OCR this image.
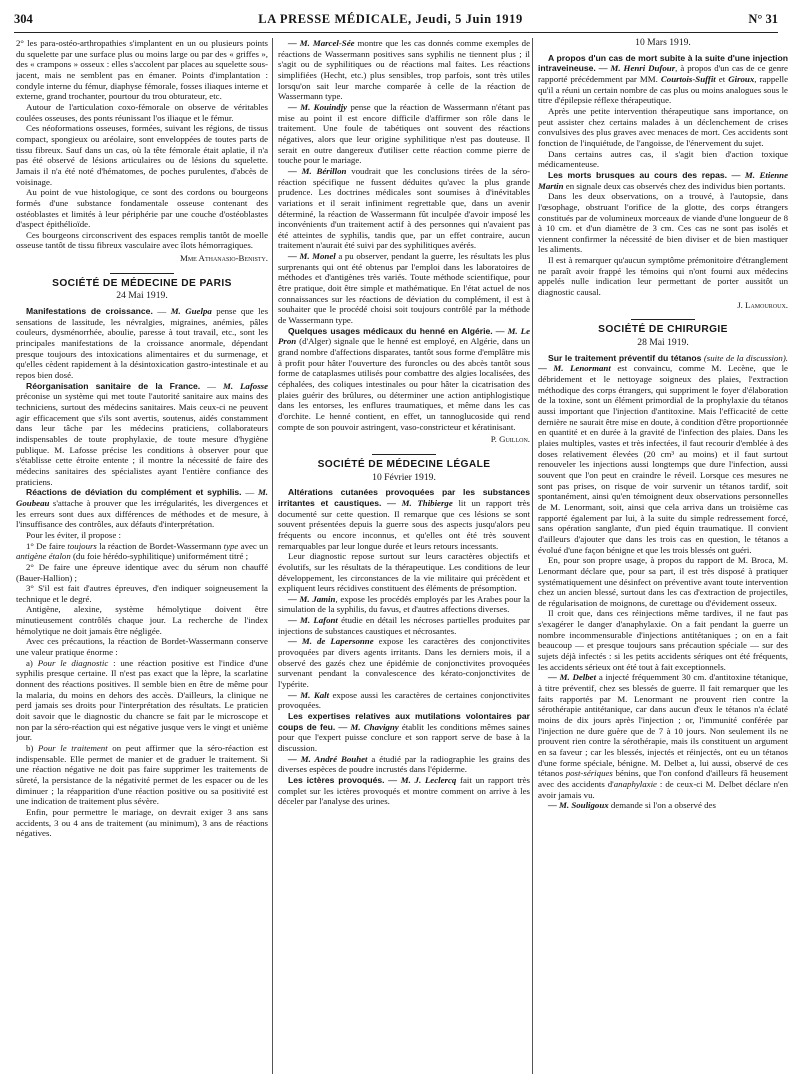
304	LA PRESSE MÉDICALE, Jeudi, 5 Juin 1919	N° 31

2° les para-ostéo-arthropathies s'implantent en un ou plusieurs points du squelette par une surface plus ou moins large ou par des « griffes », des « crampons » osseux : elles s'accolent par places au squelette sous-jacent, mais ne semblent pas en émaner. Points d'implantation : condyle interne du fémur, diaphyse fémorale, fosses iliaques interne et externe, grand trochanter, pourtour du trou obturateur, etc.

Autour de l'articulation coxo-fémorale on observe de véritables coulées osseuses, des ponts réunissant l'os iliaque et le fémur.

Ces néoformations osseuses, formées, suivant les régions, de tissus compact, spongieux ou aréolaire, sont enveloppées de toutes parts de tissu fibreux. Sauf dans un cas, où la tête fémorale était aplatie, il n'a pas été observé de lésions articulaires ou de lésions du squelette. Jamais il n'a été noté d'hématomes, de poches purulentes, d'abcès de voisinage.

Au point de vue histologique, ce sont des cordons ou bourgeons formés d'une substance fondamentale osseuse contenant des ostéoblastes et limités à leur périphérie par une couche d'ostéoblastes d'aspect épithélioïde.

Ces bourgeons circonscrivent des espaces remplis tantôt de moelle osseuse tantôt de tissu fibreux vasculaire avec îlots hémorragiques.

Mme Athanasio-Benisty.
SOCIÉTÉ DE MÉDECINE DE PARIS
24 Mai 1919.

Manifestations de croissance. — M. Guelpa pense que les sensations de lassitude, les névralgies, migraines, anémies, pâles couleurs, dysménorrhée, aboulie, paresse à tout travail, etc., sont les principales manifestations de la croissance anormale, dépendant presque toujours des intoxications alimentaires et du surmenage, et qu'elles cèdent rapidement à la désintoxication gastro-intestinale et au repos bien dosé.

Réorganisation sanitaire de la France. — M. Lafosse préconise un système qui met toute l'autorité sanitaire aux mains des techniciens, surtout des médecins sanitaires. Mais ceux-ci ne peuvent agir efficacement que s'ils sont avertis, soutenus, aidés constamment dans leur tâche par les médecins praticiens, collaborateurs indispensables de toute prophylaxie, de toute mesure d'hygiène publique. M. Lafosse précise les conditions à observer pour que s'établisse cette étroite entente ; il montre la nécessité de faire des médecins sanitaires des spécialistes ayant l'entière confiance des praticiens.

Réactions de déviation du complément et syphilis. — M. Goubeau s'attache à prouver que les irrégularités, les divergences et les erreurs sont dues aux différences de méthodes et de mesure, à l'insuffisance des contrôles, aux défauts d'interprétation.

Pour les éviter, il propose :

1° De faire toujours la réaction de Bordet-Wassermann type avec un antigène étalon (du foie hérédo-syphilitique) uniformément titré ;

2° De faire une épreuve identique avec du sérum non chauffé (Bauer-Hallion) ;

3° S'il est fait d'autres épreuves, d'en indiquer soigneusement la technique et le degré.

Antigène, alexine, système hémolytique doivent être minutieusement contrôlés chaque jour. La recherche de l'index hémolytique ne doit jamais être négligée.

Avec ces précautions, la réaction de Bordet-Wassermann conserve une valeur pratique énorme :

a) Pour le diagnostic : une réaction positive est l'indice d'une syphilis presque certaine. Il n'est pas exact que la lèpre, la scarlatine donnent des réactions positives. Il semble bien en être de même pour la malaria, du moins en dehors des accès. D'ailleurs, la clinique ne perd jamais ses droits pour l'interprétation des résultats. Le praticien doit savoir que le diagnostic du chancre se fait par le microscope et non par la séro-réaction qui est négative jusque vers le vingt et unième jour.

b) Pour le traitement on peut affirmer que la séro-réaction est indispensable. Elle permet de manier et de graduer le traitement. Si une réaction négative ne doit pas faire supprimer les traitements de sûreté, la persistance de la négativité permet de les espacer ou de les diminuer ; la réapparition d'une réaction positive ou sa positivité est une indication de traitement plus sévère.

Enfin, pour permettre le mariage, on devrait exiger 3 ans sans accidents, 3 ou 4 ans de traitement (au minimum), 3 ans de réactions négatives.

— M. Marcel-Sée montre que les cas donnés comme exemples de réactions de Wassermann positives sans syphilis ne tiennent plus ; il s'agit ou de syphilitiques ou de réactions mal faites. Les réactions simplifiées (Hecht, etc.) plus sensibles, trop parfois, sont très utiles lorsqu'on sait leur marche comparée à celle de la réaction de Wassermann type.

— M. Kouindjy pense que la réaction de Wassermann n'étant pas mise au point il est encore difficile d'affirmer son rôle dans le traitement. Une foule de tabétiques ont souvent des réactions négatives, alors que leur origine syphilitique n'est pas douteuse. Il serait en outre dangereux d'utiliser cette réaction comme pierre de touche pour le mariage.

— M. Bérillon voudrait que les conclusions tirées de la séro-réaction spécifique ne fussent déduites qu'avec la plus grande prudence. Les doctrines médicales sont soumises à d'inévitables variations et il serait infiniment regrettable que, dans un avenir déterminé, la réaction de Wassermann fût inculpée d'avoir imposé les inconvénients d'un traitement actif à des personnes qui n'avaient pas été atteintes de syphilis, tandis que, par un effet contraire, aucun traitement n'aurait été suivi par des syphilitiques avérés.

— M. Monel a pu observer, pendant la guerre, les résultats les plus surprenants qui ont été obtenus par l'emploi dans les laboratoires de méthodes et d'antigènes très variés. Toute méthode scientifique, pour être pratique, doit être simple et mathématique. En l'état actuel de nos connaissances sur les réactions de déviation du complément, il est à souhaiter que le procédé choisi soit toujours contrôlé par la méthode de Wassermann type.

Quelques usages médicaux du henné en Algérie. — M. Le Pron (d'Alger) signale que le henné est employé, en Algérie, dans un grand nombre d'affections disparates, tantôt sous forme d'emplâtre mis à profit pour hâter l'ouverture des furoncles ou des abcès tantôt sous forme de cataplasmes utilisés pour combattre des algies localisées, des céphalées, des coliques intestinales ou pour hâter la cicatrisation des plaies guérir des brûlures, ou déterminer une action antiphlogistique dans les entorses, les enflures traumatiques, et même dans les cas d'orchite. Le henné contient, en effet, un tannoglucoside qui rend compte de son pouvoir astringent, vaso-constricteur et kératinisant.

P. Guillon.
SOCIÉTÉ DE MÉDECINE LÉGALE
10 Février 1919.

Altérations cutanées provoquées par les substances irritantes et caustiques. — M. Thibierge lit un rapport très documenté sur cette question. Il remarque que ces lésions se sont souvent présentées depuis la guerre sous des aspects jusqu'alors peu fréquents ou encore inconnus, et qu'elles ont été très souvent remarquables par leur longue durée et leurs retours incessants.

Leur diagnostic repose surtout sur leurs caractères objectifs et évolutifs, sur les résultats de la thérapeutique. Les conditions de leur développement, les circonstances de la vie militaire qui précèdent et expliquent leurs récidives constituent des éléments de présomption.

— M. Jamin, expose les procédés employés par les Arabes pour la simulation de la syphilis, du favus, et d'autres affections diverses.

— M. Lafont étudie en détail les nécroses partielles produites par injections de substances caustiques et nécrosantes.

— M. de Lapersonne expose les caractères des conjonctivites provoquées par divers agents irritants. Dans les derniers mois, il a observé des gazés chez une épidémie de conjonctivites provoquées survenant pendant la convalescence des kérato-conjonctivites de l'ypérite.

— M. Kalt expose aussi les caractères de certaines conjonctivites provoquées.

Les expertises relatives aux mutilations volontaires par coups de feu. — M. Chavigny établit les conditions mêmes saines pour que l'expert puisse conclure et son rapport serve de base à la discussion.

— M. André Bouhet a étudié par la radiographie les grains des diverses espèces de poudre incrustés dans l'épiderme.

Les ictères provoqués. — M. J. Leclercq fait un rapport très complet sur les ictères provoqués et montre comment on arrive à les déceler par l'analyse des urines.

10 Mars 1919.

A propos d'un cas de mort subite à la suite d'une injection intraveineuse. — M. Henri Dufour, à propos d'un cas de ce genre rapporté précédemment par MM. Courtois-Suffit et Giroux, rappelle qu'il a réuni un certain nombre de cas plus ou moins analogues sous le titre d'épilepsie réflexe thérapeutique.

Après une petite intervention thérapeutique sans importance, on peut assister chez certains malades à un déclenchement de crises convulsives des plus graves avec menaces de mort. Ces accidents sont fonction de l'inquiétude, de l'angoisse, de l'énervement du sujet.

Dans certains autres cas, il s'agit bien d'action toxique médicamenteuse.

Les morts brusques au cours des repas. — M. Etienne Martin en signale deux cas observés chez des individus bien portants.

Dans les deux observations, on a trouvé, à l'autopsie, dans l'œsophage, obstruant l'orifice de la glotte, des corps étrangers constitués par de volumineux morceaux de viande d'une longueur de 8 à 10 cm. et d'un diamètre de 3 cm. Ces cas ne sont pas isolés et viennent confirmer la nécessité de bien diviser et de bien mastiquer les aliments.

Il est à remarquer qu'aucun symptôme prémonitoire d'étranglement ne paraît avoir frappé les témoins qui n'ont fourni aux médecins appelés nulle indication leur permettant de porter aussitôt un diagnostic causal.

J. Lamouroux.
SOCIÉTÉ DE CHIRURGIE
28 Mai 1919.

Sur le traitement préventif du tétanos (suite de la discussion). — M. Lenormant est convaincu, comme M. Lecène, que le débridement et le nettoyage soigneux des plaies, l'extraction méthodique des corps étrangers, qui suppriment le foyer d'élaboration de la toxine, sont un élément primordial de la prophylaxie du tétanos aussi important que l'injection d'antitoxine. Mais l'efficacité de cette dernière ne saurait être mise en doute, à condition d'être proportionnée en quantité et en durée à la gravité de l'infection des plaies. Dans les plaies multiples, vastes et très infectées, il faut recourir d'emblée à des doses relativement élevées (20 cm³ au moins) et il faut surtout renouveler les injections aussi longtemps que dure l'infection, aussi souvent que l'on peut en craindre le réveil. Lorsque ces mesures ne sont pas prises, on risque de voir survenir un tétanos tardif, soit spontanément, ainsi qu'en témoignent deux observations personnelles de M. Lenormant, soit, ainsi que cela arriva dans un troisième cas rapporté également par lui, à la suite du simple redressement forcé, sans opération sanglante, d'un pied équin traumatique. Il convient d'ailleurs d'ajouter que dans les trois cas en question, le tétanos a évolué d'une façon bénigne et que les trois blessés ont guéri.

En, pour son propre usage, à propos du rapport de M. Broca, M. Lenormant déclare que, pour sa part, il est très disposé à pratiquer systématiquement une désinfect on préventive avant toute intervention chez un ancien blessé, surtout dans les cas d'extraction de projectiles, de régularisation de moignons, de curettage ou d'évidement osseux.

Il croit que, dans ces réinjections même tardives, il ne faut pas s'exagérer le danger d'anaphylaxie. On a fait pendant la guerre un nombre incommensurable d'injections antitétaniques ; on en a fait beaucoup — et presque toujours sans précaution spéciale — sur des sujets déjà infectés : si les petits accidents sériques ont été fréquents, les accidents sérieux ont été tout à fait exceptionnels.

— M. Delbet a injecté fréquemment 30 cm. d'antitoxine tétanique, à titre préventif, chez ses blessés de guerre. Il fait remarquer que les faits rapportés par M. Lenormant ne prouvent rien contre la sérothérapie antitétanique, car dans aucun d'eux le tétanos n'a éclaté moins de dix jours après l'injection ; or, l'immunité conférée par l'injection ne dure guère que de 7 à 10 jours. Non seulement ils ne prouvent rien contre la sérothérapie, mais ils constituent un argument en sa faveur ; car les blessés, injectés et réinjectés, ont eu un tétanos d'une forme spéciale, bénigne. M. Delbet a, lui aussi, observé de ces tétanos post-sériques bénins, que l'on confond d'ailleurs fâ heusement avec des accidents d'anaphylaxie : de ceux-ci M. Delbet déclare n'en avoir jamais vu.

— M. Souligoux demande si l'on a observé des
